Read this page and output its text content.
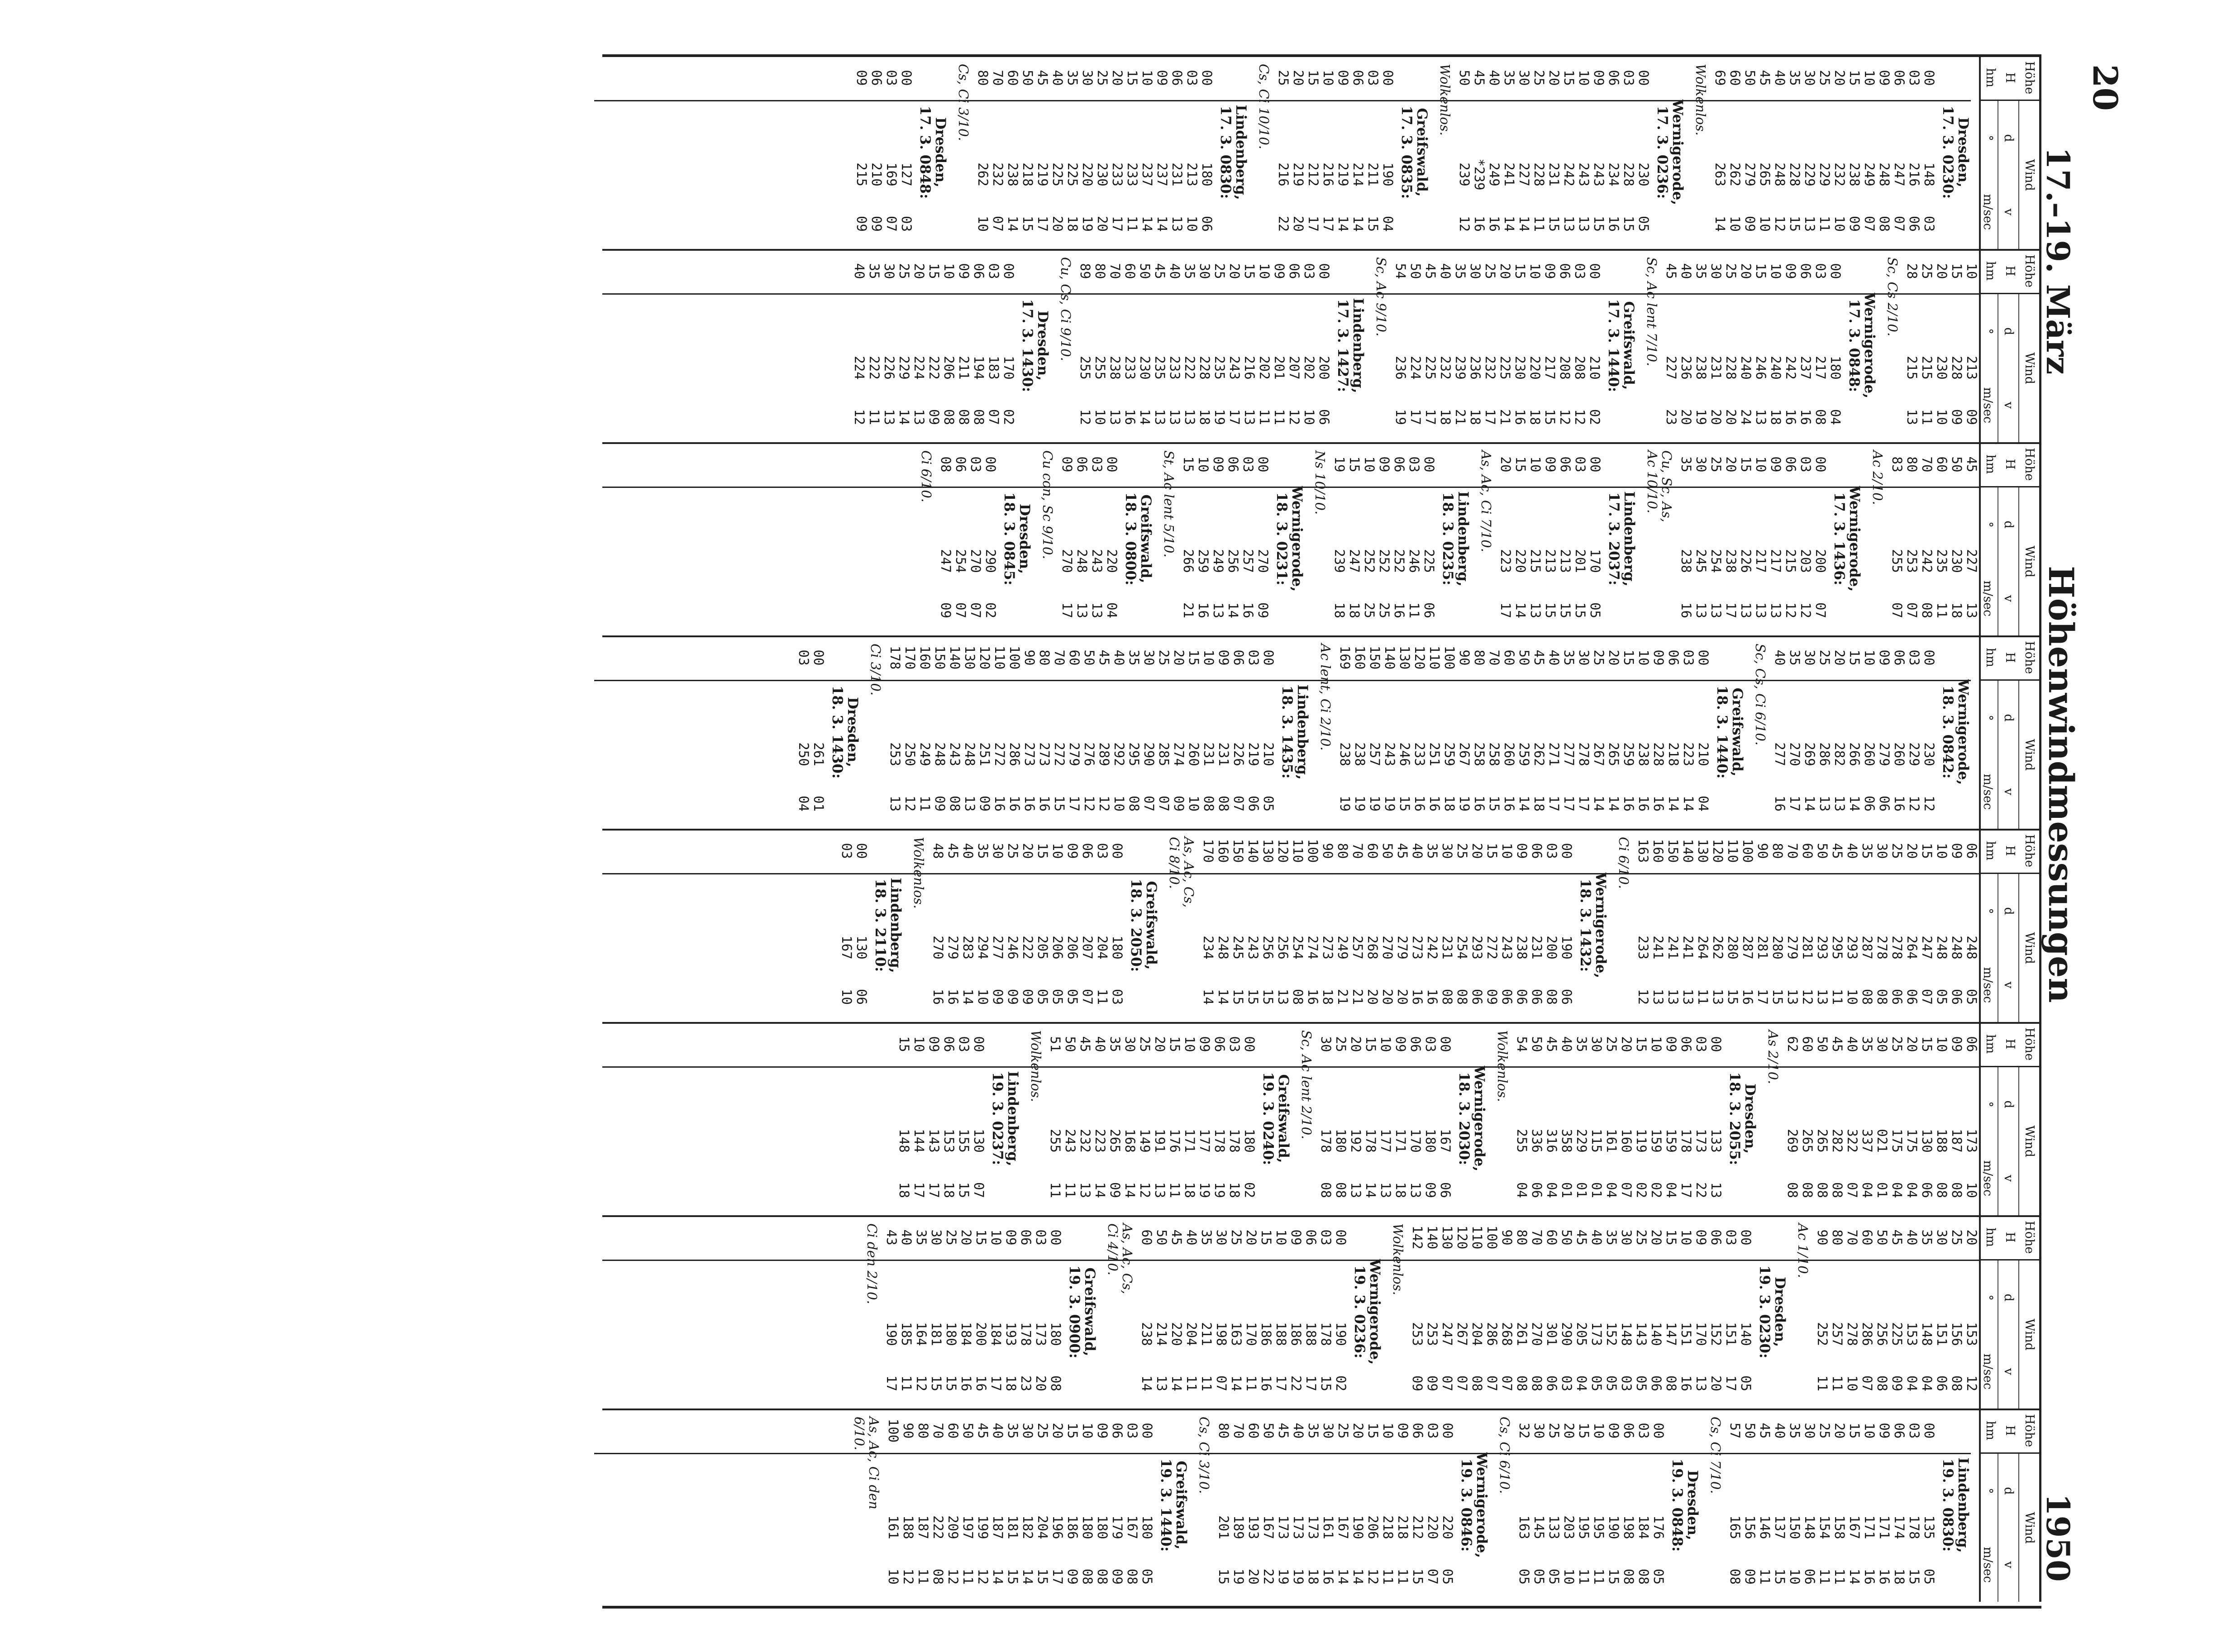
20
17.–19. März
Höhenwindmessungen
1950
Höhe
H
hm
Wind
d
v
°
m/sec
Dresden,
17. 3. 0230:
00
148
03
03
216
06
06
247
07
09
248
08
10
249
07
15
238
09
20
232
10
25
229
11
30
229
13
35
228
15
40
248
12
45
265
10
50
279
09
60
262
10
69
263
14
Wolkenlos.
Wernigerode,
17. 3. 0236:
00
230
05
03
228
15
06
234
16
09
243
15
10
243
13
15
242
13
20
231
15
25
228
11
30
227
14
35
241
14
40
249
16
45
*239
16
50
239
12
Wolkenlos.
Greifswald,
17. 3. 0835:
00
190
04
03
211
15
06
214
14
09
219
14
10
216
17
15
212
17
20
219
20
25
216
22
Cs, Ci 10/10.
Lindenberg,
17. 3. 0830:
00
180
06
03
213
10
06
231
13
09
237
14
10
237
14
15
233
11
20
233
17
25
230
20
30
220
19
35
225
18
40
225
20
45
219
17
50
218
15
60
238
14
70
232
07
80
262
10
Cs, Ci 3/10.
Dresden,
17. 3. 0848:
00
127
03
03
169
07
06
210
09
09
215
09
Höhe
H
hm
Wind
d
v
°
m/sec
10
213
09
15
228
09
20
230
10
25
215
11
28
215
13
Sc, Cs 2/10.
Wernigerode,
17. 3. 0848:
00
180
04
03
217
08
06
237
16
09
242
16
10
240
18
15
246
13
20
240
24
25
228
20
30
231
20
35
238
19
40
236
20
45
227
23
Sc, Ac lent 7/10.
Greifswald,
17. 3. 1440:
00
210
02
03
208
12
06
208
12
09
217
15
10
220
18
15
230
16
20
225
21
25
232
17
30
236
18
35
239
21
40
232
18
45
225
17
50
224
17
54
236
19
Sc, Ac 9/10.
Lindenberg,
17. 3. 1427:
00
200
06
03
202
10
06
207
12
09
201
11
10
202
11
15
216
13
20
243
17
25
235
19
30
228
18
35
222
13
40
233
13
45
235
13
50
230
14
60
233
16
70
238
13
80
255
10
89
255
12
Cu, Cs, Ci 9/10.
Dresden,
17. 3. 1430:
00
170
02
03
183
07
06
194
08
09
211
08
10
206
08
15
222
09
20
224
13
25
229
14
30
226
13
35
222
11
40
224
12
Höhe
H
hm
Wind
d
v
°
m/sec
45
227
13
50
230
18
60
235
11
70
242
08
80
253
07
83
255
07
Ac 2/10.
Wernigerode,
17. 3. 1436:
00
200
07
03
203
12
06
215
12
09
217
13
10
217
13
15
226
13
20
238
17
25
254
13
30
245
13
35
238
16
Cu, Sc, As,
Ac 10/10.
Lindenberg,
17. 3. 2037:
00
170
05
03
201
15
06
213
15
09
213
15
10
215
13
15
220
14
20
223
17
As, Ac, Ci 7/10.
Lindenberg,
18. 3. 0235:
00
225
06
03
246
11
06
252
16
09
252
25
10
252
25
15
247
18
19
239
18
Ns 10/10.
Wernigerode,
18. 3. 0231:
00
270
09
03
257
16
06
256
14
09
249
13
10
259
16
15
266
21
St, Ac lent 5/10.
Greifswald,
18. 3. 0800:
00
220
04
03
243
13
06
248
13
09
270
17
Cu con, Sc 9/10.
Dresden,
18. 3. 0845:
00
290
02
03
270
07
06
254
07
08
247
09
Ci 6/10.
Höhe
H
hm
Wind
d
v
°
m/sec
Wernigerode,
18. 3. 0842:
00
230
12
03
229
12
06
260
16
09
279
06
10
260
06
15
266
14
20
282
13
25
286
13
30
269
14
35
270
17
40
277
16
Sc, Cs, Ci 6/10.
Greifswald,
18. 3. 1440:
00
210
04
03
223
14
06
218
14
09
228
16
10
238
16
15
259
16
20
265
14
25
267
14
30
278
17
35
277
17
40
271
17
45
262
18
50
259
14
60
260
16
70
258
15
80
258
16
90
267
19
100
259
18
110
251
16
120
233
16
130
246
15
140
243
19
150
257
19
160
238
19
169
238
19
Ac lent, Ci 2/10.
Lindenberg,
18. 3. 1435:
00
210
05
03
219
06
06
226
07
09
231
08
10
231
08
15
260
10
20
274
09
25
285
07
30
290
07
35
295
08
40
292
10
45
289
12
50
276
12
60
279
17
70
272
15
80
273
16
90
273
16
100
286
16
110
272
16
120
251
09
130
248
13
140
243
08
150
248
09
160
249
11
170
250
12
178
253
13
Ci 3/10.
Dresden,
18. 3. 1430:
00
261
01
03
250
04
Höhe
H
hm
Wind
d
v
°
m/sec
06
248
05
09
248
06
10
248
05
15
247
07
20
264
06
25
278
06
30
278
08
35
287
08
40
293
10
45
295
11
50
293
13
60
281
12
70
279
13
80
280
15
90
281
17
100
287
16
110
280
15
120
262
13
130
264
11
140
241
13
150
241
13
160
241
13
163
233
12
Ci 6/10.
Wernigerode,
18. 3. 1432:
00
190
06
03
200
08
06
231
06
09
238
06
10
243
06
15
272
09
20
293
06
25
254
08
30
231
08
35
242
16
40
273
16
45
279
20
50
270
20
60
268
20
70
257
21
80
249
21
90
273
18
100
274
16
110
254
08
120
256
13
130
256
15
140
243
15
150
245
15
160
248
14
170
234
14
As, Ac, Cs,
Ci 8/10.
Greifswald,
18. 3. 2050:
00
180
03
03
204
11
06
207
07
09
206
05
10
206
05
15
205
05
20
222
09
25
246
09
30
277
09
35
294
10
40
283
14
45
279
16
48
270
16
Wolkenlos.
Lindenberg,
18. 3. 2110:
00
130
06
03
167
10
Höhe
H
hm
Wind
d
v
°
m/sec
06
173
10
09
187
08
10
188
08
15
130
06
20
175
04
25
175
04
30
021
01
35
337
04
40
322
07
45
282
08
50
265
08
60
265
08
62
269
08
As 2/10.
Dresden,
18. 3. 2055:
00
133
13
03
173
22
06
178
17
09
159
04
10
159
02
15
119
02
20
160
07
25
161
04
30
115
01
35
229
01
40
358
01
45
316
04
50
336
06
54
255
04
Wolkenlos.
Wernigerode,
18. 3. 2030:
00
167
06
03
180
09
06
170
13
09
171
18
10
177
13
15
178
14
20
192
13
25
180
08
30
178
08
Sc, Ac lent 2/10.
Greifswald,
19. 3. 0240:
00
180
02
03
178
18
06
178
19
09
177
19
10
171
18
15
176
11
20
191
13
25
149
12
30
168
14
35
265
09
40
223
14
45
232
13
50
243
11
51
255
11
Wolkenlos.
Lindenberg,
19. 3. 0237:
00
130
07
03
155
15
06
153
18
09
143
17
10
144
17
15
148
18
Höhe
H
hm
Wind
d
v
°
m/sec
20
153
12
25
156
08
30
151
06
35
148
04
40
153
04
45
225
09
50
256
08
60
286
07
70
278
10
80
257
11
90
252
11
Ac 1/10.
Dresden,
19. 3. 0230:
00
140
05
03
151
17
06
152
20
09
170
13
10
151
16
15
147
08
20
140
06
25
143
05
30
148
03
35
152
05
40
173
05
45
205
04
50
290
03
60
301
06
70
270
08
80
261
08
90
268
07
100
286
07
110
204
08
120
267
07
130
247
07
140
253
09
142
253
09
Wolkenlos.
Wernigerode,
19. 3. 0236:
00
190
02
03
178
15
06
188
17
09
186
22
10
188
17
15
186
16
20
170
11
25
163
14
30
198
07
35
211
11
40
204
11
45
220
14
50
214
13
60
238
14
As, Ac, Cs,
Ci 4/10.
Greifswald,
19. 3. 0900:
00
180
08
03
173
20
06
178
23
09
193
18
10
184
17
15
200
16
20
184
16
25
180
15
30
181
15
35
164
12
40
185
11
43
190
17
Ci den 2/10.
Höhe
H
hm
Wind
d
v
°
m/sec
Lindenberg,
19. 3. 0830:
00
135
05
03
178
15
06
174
18
09
171
16
10
171
16
15
167
14
20
158
11
25
154
11
30
148
06
35
150
10
40
137
15
45
146
11
50
156
09
57
165
08
Cs, Ci 7/10.
Dresden,
19. 3. 0848:
00
176
05
03
184
08
06
198
08
09
190
15
10
195
11
15
195
11
20
203
10
25
133
05
30
145
05
32
163
05
Cs, Ci 6/10.
Wernigerode,
19. 3. 0846:
00
220
05
03
220
07
06
212
15
09
218
11
10
218
11
15
206
12
20
190
14
25
167
14
30
161
16
35
173
18
40
173
19
45
173
19
50
167
22
60
193
20
70
189
19
80
201
15
Cs, Ci 3/10.
Greifswald,
19. 3. 1440:
00
180
05
03
167
08
06
179
09
09
180
08
10
180
08
15
186
09
20
196
17
25
204
15
30
182
14
35
181
15
40
187
14
45
199
12
50
197
11
60
209
12
70
222
08
80
187
11
90
188
12
100
161
10
As, Ac, Ci den
6/10.
